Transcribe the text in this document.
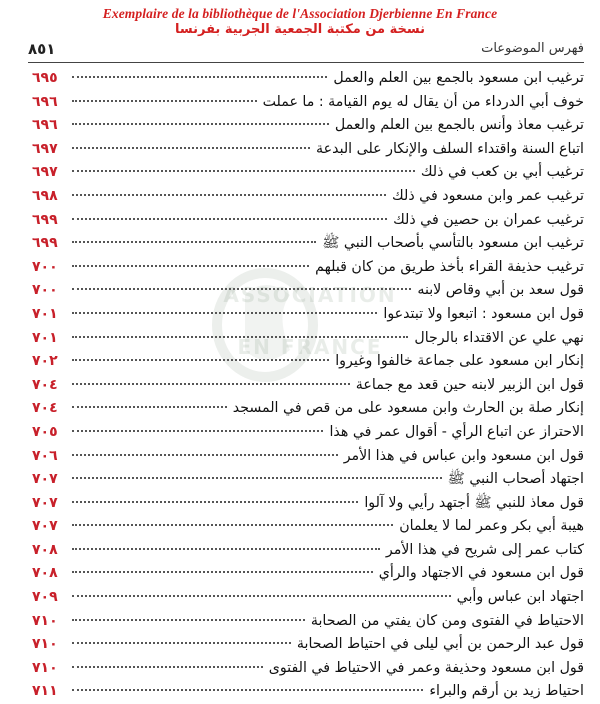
Exemplaire de la bibliothèque de l'Association Djerbienne En France
نسخة من مكتبة الجمعية الجربية بفرنسا
٨٥١	فهرس الموضوعات
ASSOCIATION
EN FRANCE
ترغيب ابن مسعود بالجمع بين العلم والعمل
٦٩٥
خوف أبي الدرداء من أن يقال له يوم القيامة : ما عملت
٦٩٦
ترغيب معاذ وأنس بالجمع بين العلم والعمل
٦٩٦
اتباع السنة واقتداء السلف والإنكار على البدعة
٦٩٧
ترغيب أبي بن كعب في ذلك
٦٩٧
ترغيب عمر وابن مسعود في ذلك
٦٩٨
ترغيب عمران بن حصين في ذلك
٦٩٩
ترغيب ابن مسعود بالتأسي بأصحاب النبي ﷺ
٦٩٩
ترغيب حذيفة القراء بأخذ طريق من كان قبلهم
٧٠٠
قول سعد بن أبي وقاص لابنه
٧٠٠
قول ابن مسعود : اتبعوا ولا تبتدعوا
٧٠١
نهي علي عن الاقتداء بالرجال
٧٠١
إنكار ابن مسعود على جماعة خالفوا وغيروا
٧٠٢
قول ابن الزبير لابنه حين قعد مع جماعة
٧٠٤
إنكار صلة بن الحارث وابن مسعود على من قص في المسجد
٧٠٤
الاحتراز عن اتباع الرأي - أقوال عمر في هذا
٧٠٥
قول ابن مسعود وابن عباس في هذا الأمر
٧٠٦
اجتهاد أصحاب النبي ﷺ
٧٠٧
قول معاذ للنبي ﷺ أجتهد رأيي ولا آلوا
٧٠٧
هيبة أبي بكر وعمر لما لا يعلمان
٧٠٧
كتاب عمر إلى شريح في هذا الأمر
٧٠٨
قول ابن مسعود في الاجتهاد والرأي
٧٠٨
اجتهاد ابن عباس وأبي
٧٠٩
الاحتياط في الفتوى ومن كان يفتي من الصحابة
٧١٠
قول عبد الرحمن بن أبي ليلى في احتياط الصحابة
٧١٠
قول ابن مسعود وحذيفة وعمر في الاحتياط في الفتوى
٧١٠
احتياط زيد بن أرقم والبراء
٧١١
